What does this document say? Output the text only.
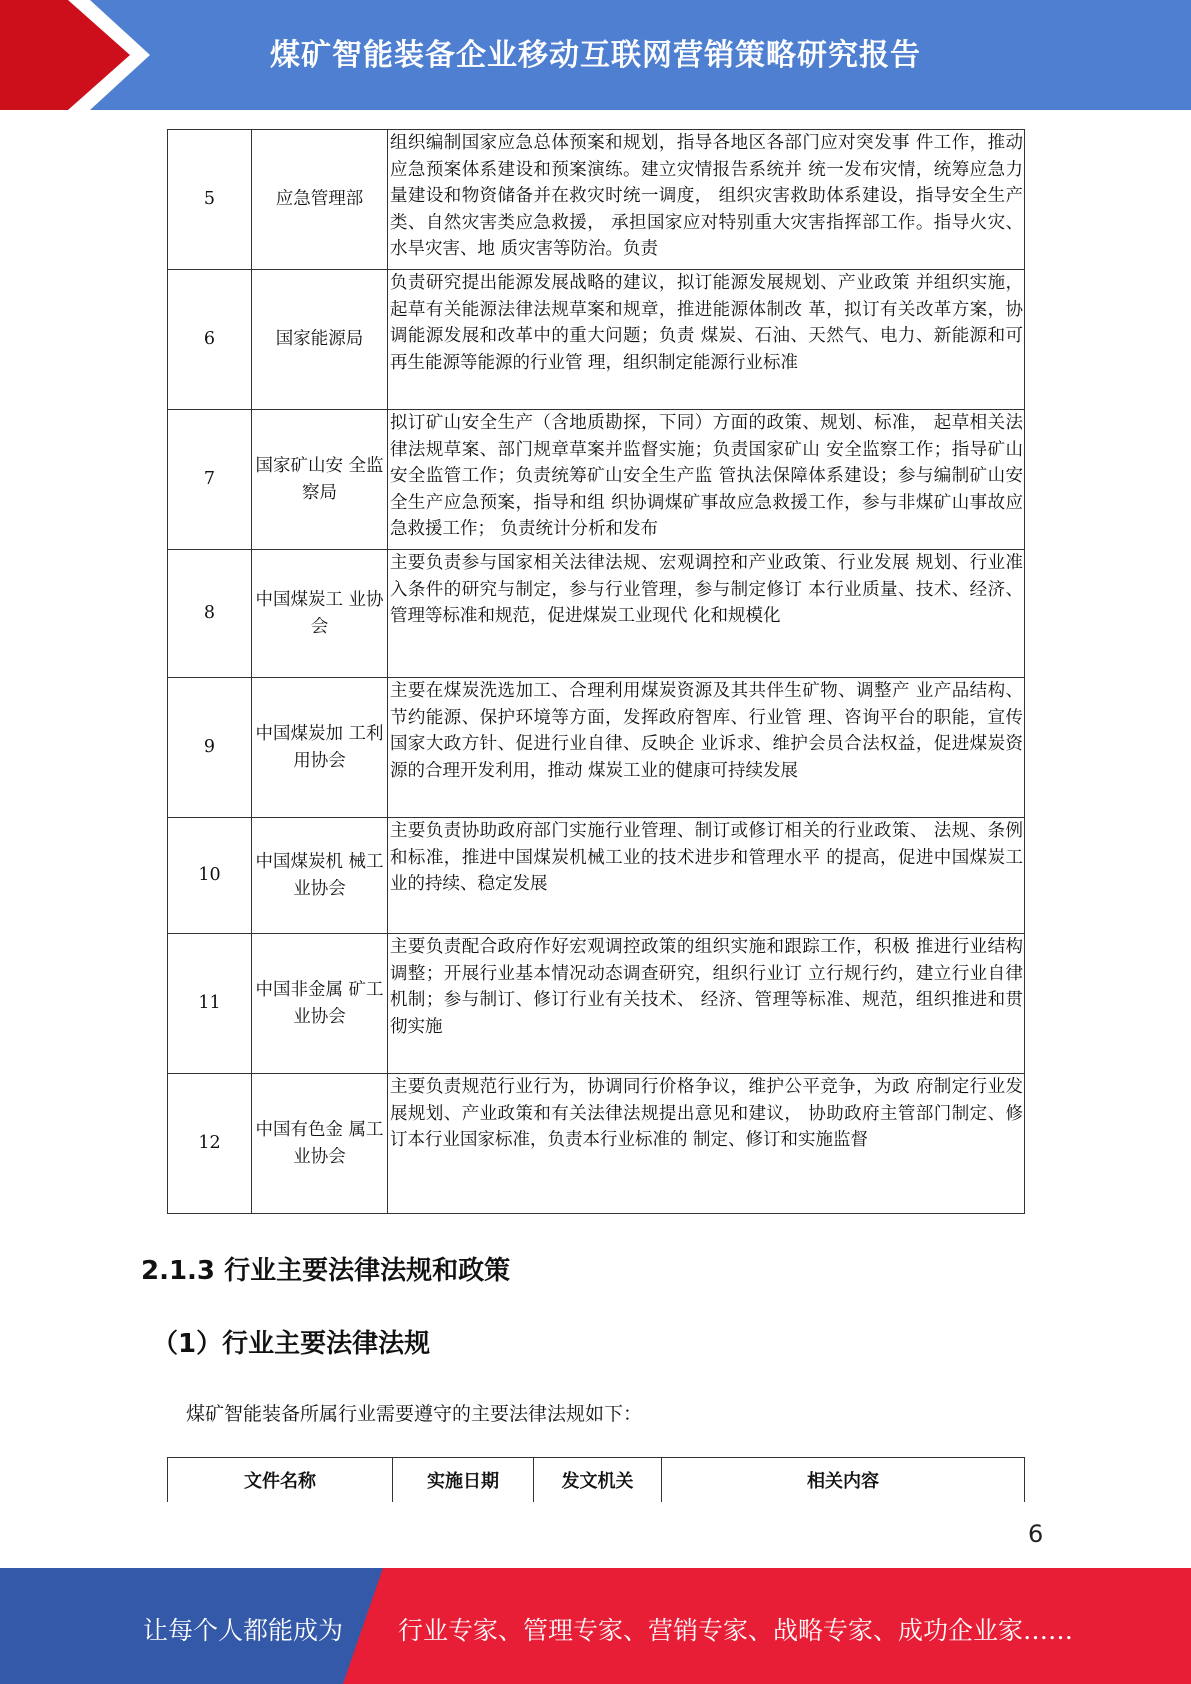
煤矿智能装备企业移动互联网营销策略研究报告
5	应急管理部	组织编制国家应急总体预案和规划，指导各地区各部门应对突发事 件工作，推动应急预案体系建设和预案演练。建立灾情报告系统并 统一发布灾情，统筹应急力量建设和物资储备并在救灾时统一调度， 组织灾害救助体系建设，指导安全生产类、自然灾害类应急救援， 承担国家应对特别重大灾害指挥部工作。指导火灾、水旱灾害、地 质灾害等防治。负责
6	国家能源局	负责研究提出能源发展战略的建议，拟订能源发展规划、产业政策 并组织实施，起草有关能源法律法规草案和规章，推进能源体制改 革，拟订有关改革方案，协调能源发展和改革中的重大问题；负责 煤炭、石油、天然气、电力、新能源和可再生能源等能源的行业管 理，组织制定能源行业标准
7	国家矿山安 全监察局	拟订矿山安全生产（含地质勘探，下同）方面的政策、规划、标准， 起草相关法律法规草案、部门规章草案并监督实施；负责国家矿山 安全监察工作；指导矿山安全监管工作；负责统筹矿山安全生产监 管执法保障体系建设；参与编制矿山安全生产应急预案，指导和组 织协调煤矿事故应急救援工作，参与非煤矿山事故应急救援工作； 负责统计分析和发布
8	中国煤炭工 业协会	主要负责参与国家相关法律法规、宏观调控和产业政策、行业发展 规划、行业准入条件的研究与制定，参与行业管理，参与制定修订 本行业质量、技术、经济、管理等标准和规范，促进煤炭工业现代 化和规模化
9	中国煤炭加 工利用协会	主要在煤炭洗选加工、合理利用煤炭资源及其共伴生矿物、调整产 业产品结构、节约能源、保护环境等方面，发挥政府智库、行业管 理、咨询平台的职能，宣传国家大政方针、促进行业自律、反映企 业诉求、维护会员合法权益，促进煤炭资源的合理开发利用，推动 煤炭工业的健康可持续发展
10	中国煤炭机 械工业协会	主要负责协助政府部门实施行业管理、制订或修订相关的行业政策、 法规、条例和标准，推进中国煤炭机械工业的技术进步和管理水平 的提高，促进中国煤炭工业的持续、稳定发展
11	中国非金属 矿工业协会	主要负责配合政府作好宏观调控政策的组织实施和跟踪工作，积极 推进行业结构调整；开展行业基本情况动态调查研究，组织行业订 立行规行约，建立行业自律机制；参与制订、修订行业有关技术、 经济、管理等标准、规范，组织推进和贯彻实施
12	中国有色金 属工业协会	主要负责规范行业行为，协调同行价格争议，维护公平竞争，为政 府制定行业发展规划、产业政策和有关法律法规提出意见和建议， 协助政府主管部门制定、修订本行业国家标准，负责本行业标准的 制定、修订和实施监督
2.1.3 行业主要法律法规和政策
（1）行业主要法律法规
煤矿智能装备所属行业需要遵守的主要法律法规如下：
文件名称	实施日期	发文机关	相关内容
6
让每个人都能成为 行业专家、管理专家、营销专家、战略专家、成功企业家……
